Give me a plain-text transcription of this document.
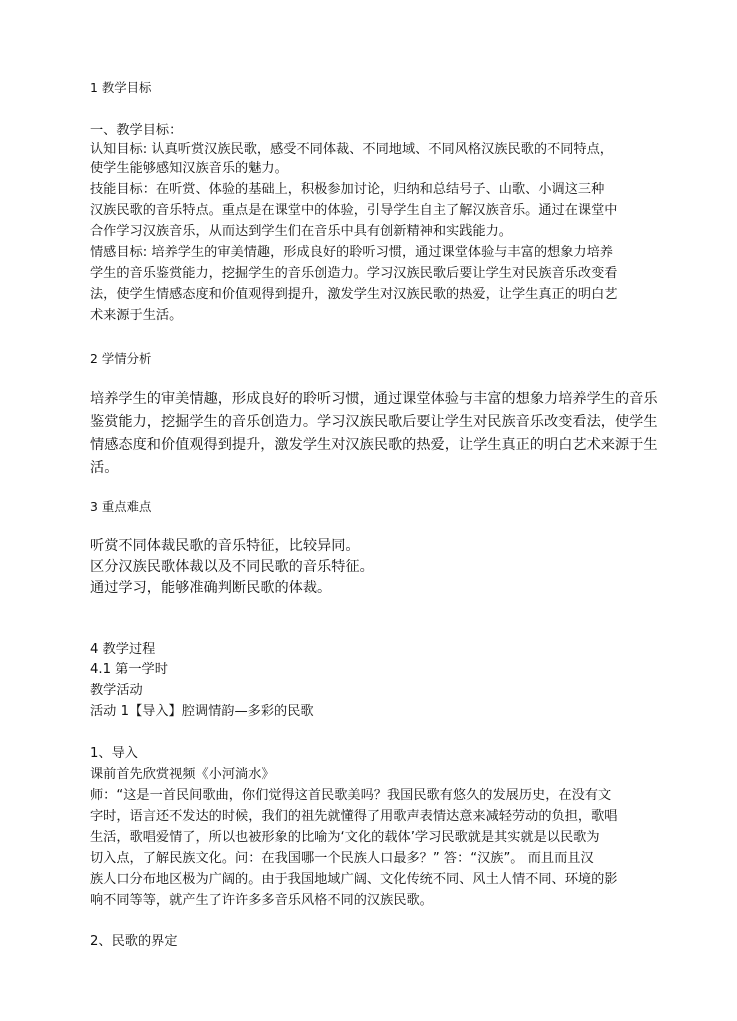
1 教学目标

一、教学目标：

认知目标: 认真听赏汉族民歌，感受不同体裁、不同地域、不同风格汉族民歌的不同特点，

使学生能够感知汉族音乐的魅力。

技能目标：在听赏、体验的基础上，积极参加讨论，归纳和总结号子、山歌、小调这三种

汉族民歌的音乐特点。重点是在课堂中的体验，引导学生自主了解汉族音乐。通过在课堂中

合作学习汉族音乐，从而达到学生们在音乐中具有创新精神和实践能力。

情感目标: 培养学生的审美情趣，形成良好的聆听习惯，通过课堂体验与丰富的想象力培养

学生的音乐鉴赏能力，挖掘学生的音乐创造力。学习汉族民歌后要让学生对民族音乐改变看

法，使学生情感态度和价值观得到提升，激发学生对汉族民歌的热爱，让学生真正的明白艺

术来源于生活。

2 学情分析

培养学生的审美情趣，形成良好的聆听习惯，通过课堂体验与丰富的想象力培养学生的音乐

鉴赏能力，挖掘学生的音乐创造力。学习汉族民歌后要让学生对民族音乐改变看法，使学生

情感态度和价值观得到提升，激发学生对汉族民歌的热爱，让学生真正的明白艺术来源于生

活。

3 重点难点

听赏不同体裁民歌的音乐特征，比较异同。

区分汉族民歌体裁以及不同民歌的音乐特征。

通过学习，能够准确判断民歌的体裁。

4 教学过程

4.1 第一学时

教学活动

活动 1【导入】腔调情韵—多彩的民歌

1、导入

课前首先欣赏视频《小河淌水》

师：“这是一首民间歌曲，你们觉得这首民歌美吗？我国民歌有悠久的发展历史，在没有文

字时，语言还不发达的时候，我们的祖先就懂得了用歌声表情达意来减轻劳动的负担，歌唱

生活，歌唱爱情了，所以也被形象的比喻为‘文化的载体’学习民歌就是其实就是以民歌为

切入点，了解民族文化。问：在我国哪一个民族人口最多？” 答：“汉族”。 而且而且汉

族人口分布地区极为广阔的。由于我国地域广阔、文化传统不同、风土人情不同、环境的影

响不同等等，就产生了许许多多音乐风格不同的汉族民歌。

2、民歌的界定
